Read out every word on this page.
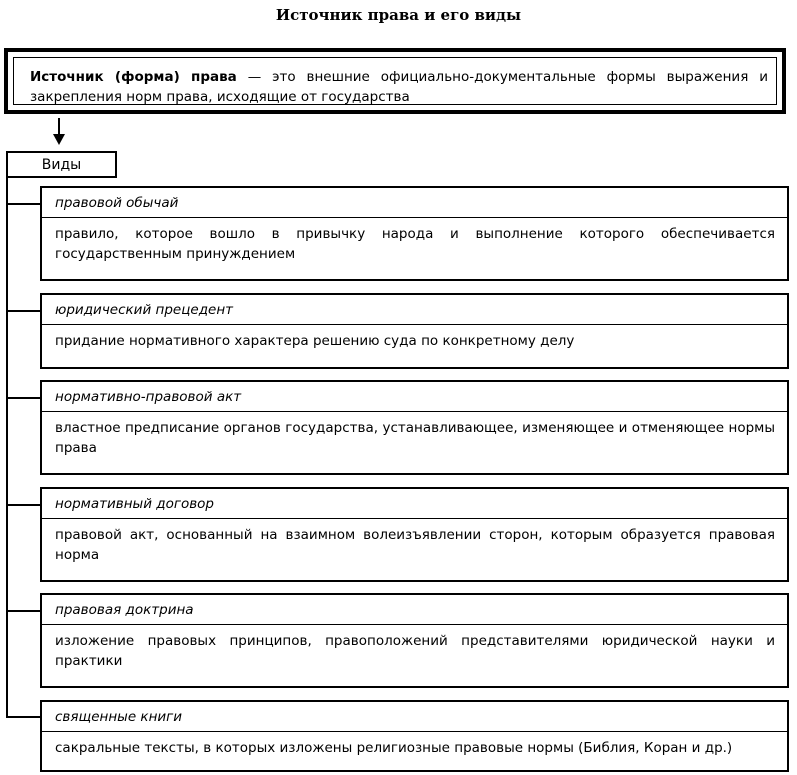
Источник права и его виды
Источник (форма) права — это внешние официально-документальные формы выражения и закрепления норм права, исходящие от государства
Виды
правовой обычай
правило, которое вошло в привычку народа и выполнение которого обеспечивается государственным принуждением
юридический прецедент
придание нормативного характера решению суда по конкретному делу
нормативно-правовой акт
властное предписание органов государства, устанавливающее, изменяющее и отменяющее нормы права
нормативный договор
правовой акт, основанный на взаимном волеизъявлении сторон, которым образуется правовая норма
правовая доктрина
изложение правовых принципов, правоположений представителями юридической науки и практики
священные книги
сакральные тексты, в которых изложены религиозные правовые нормы (Библия, Коран и др.)
